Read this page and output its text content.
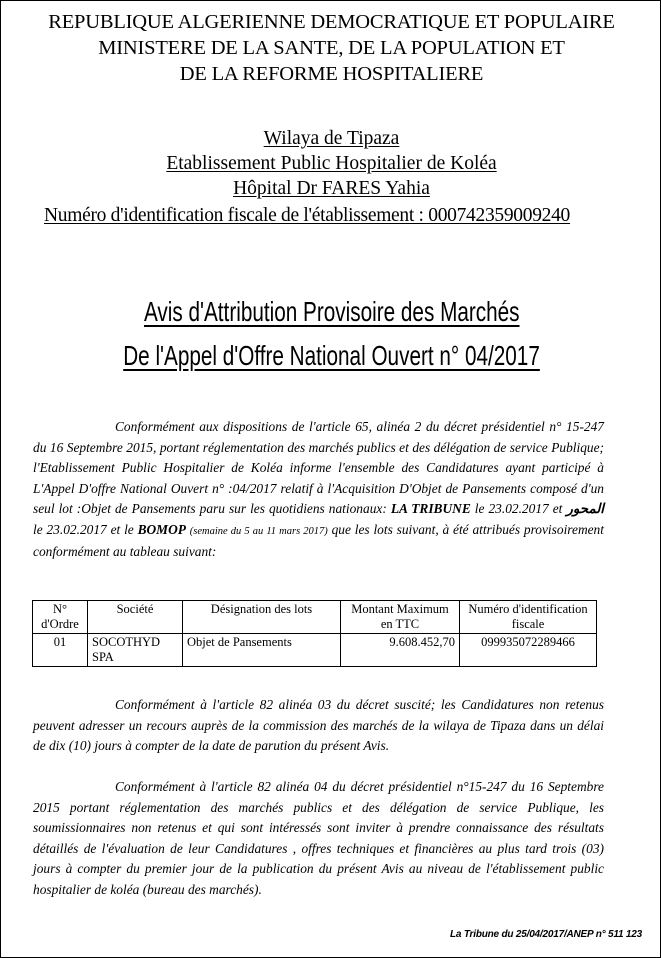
REPUBLIQUE ALGERIENNE DEMOCRATIQUE ET POPULAIRE
MINISTERE DE LA SANTE, DE LA POPULATION ET
DE LA REFORME HOSPITALIERE
Wilaya de Tipaza
Etablissement Public Hospitalier de Koléa
Hôpital Dr FARES Yahia
Numéro d'identification fiscale de l'établissement : 000742359009240
Avis d'Attribution Provisoire des Marchés
De l'Appel d'Offre National Ouvert n° 04/2017
Conformément aux dispositions de l'article 65, alinéa 2 du décret présidentiel n° 15-247 du 16 Septembre 2015, portant réglementation des marchés publics et des délégation de service Publique; l'Etablissement Public Hospitalier de Koléa informe l'ensemble des Candidatures ayant participé à L'Appel D'offre National Ouvert n° :04/2017 relatif à l'Acquisition D'Objet de Pansements composé d'un seul lot :Objet de Pansements paru sur les quotidiens nationaux: LA TRIBUNE le 23.02.2017 et المحور le 23.02.2017 et le BOMOP (semaine du 5 au 11 mars 2017) que les lots suivant, à été attribués provisoirement conformément au tableau suivant:
N° d'Ordre	Société	Désignation des lots	Montant Maximum en TTC	Numéro d'identification fiscale
01	SOCOTHYD SPA	Objet de Pansements	9.608.452,70	099935072289466
Conformément à l'article 82 alinéa 03 du décret suscité; les Candidatures non retenus peuvent adresser un recours auprès de la commission des marchés de la wilaya de Tipaza dans un délai de dix (10) jours à compter de la date de parution du présent Avis.
Conformément à l'article 82 alinéa 04 du décret présidentiel n°15-247 du 16 Septembre 2015 portant réglementation des marchés publics et des délégation de service Publique, les soumissionnaires non retenus et qui sont intéressés sont inviter à prendre connaissance des résultats détaillés de l'évaluation de leur Candidatures , offres techniques et financières au plus tard trois (03) jours à compter du premier jour de la publication du présent Avis au niveau de l'établissement public hospitalier de koléa (bureau des marchés).
La Tribune du 25/04/2017/ANEP n° 511 123
